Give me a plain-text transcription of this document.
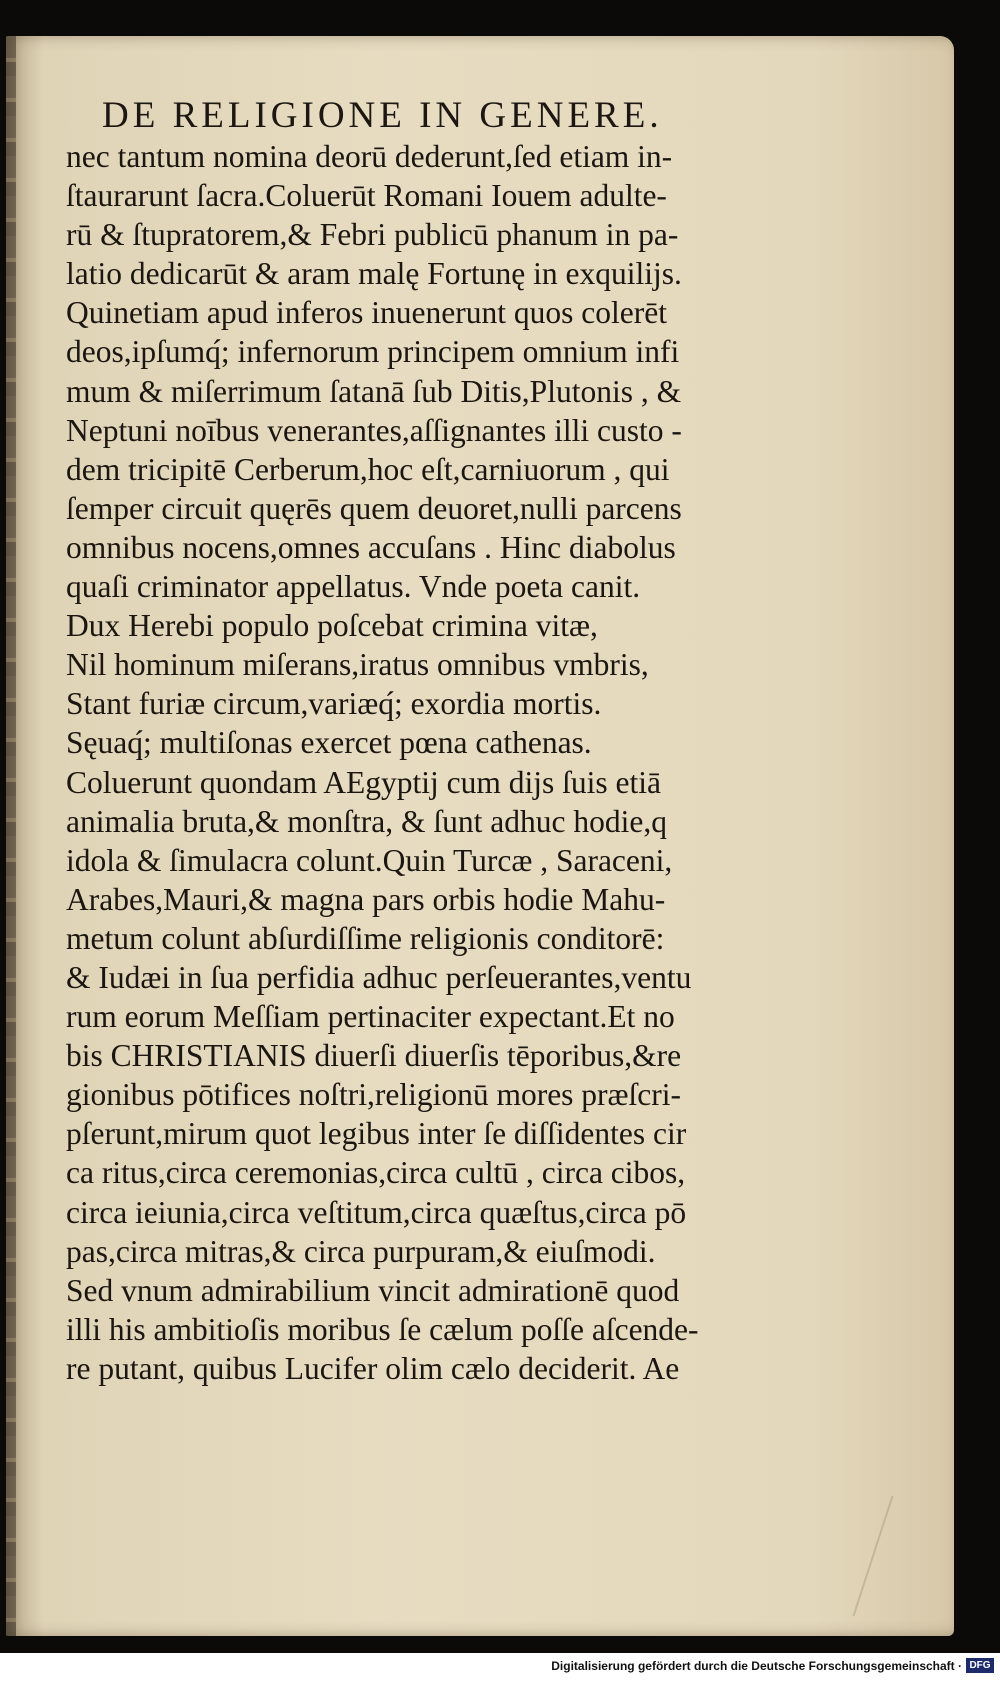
DE RELIGIONE IN GENERE.
nec tantum nomina deorū dederunt,ſed etiam in-
ſtaurarunt ſacra.Coluerūt Romani Iouem adulte-
rū & ſtupratorem,& Febri publicū phanum in pa-
latio dedicarūt & aram malę Fortunę in exquilijs.
Quinetiam apud inferos inuenerunt quos colerēt
deos,ipſumq́; infernorum principem omnium infi
mum & miſerrimum ſatanā ſub Ditis,Plutonis , &
Neptuni noībus venerantes,aſſignantes illi custo -
dem tricipitē Cerberum,hoc eſt,carniuorum , qui
ſemper circuit quęrēs quem deuoret,nulli parcens
omnibus nocens,omnes accuſans . Hinc diabolus
quaſi criminator appellatus. Vnde poeta canit.
Dux Herebi populo poſcebat crimina vitæ,
Nil hominum miſerans,iratus omnibus vmbris,
Stant furiæ circum,variæq́; exordia mortis.
Sęuaq́; multiſonas exercet pœna cathenas.
Coluerunt quondam AEgyptij cum dijs ſuis etiā
animalia bruta,& monſtra, & ſunt adhuc hodie,q
idola & ſimulacra colunt.Quin Turcæ , Saraceni,
Arabes,Mauri,& magna pars orbis hodie Mahu-
metum colunt abſurdiſſime religionis conditorē:
& Iudæi in ſua perfidia adhuc perſeuerantes,ventu
rum eorum Meſſiam pertinaciter expectant.Et no
bis CHRISTIANIS diuerſi diuerſis tēporibus,&re
gionibus pōtifices noſtri,religionū mores præſcri-
pſerunt,mirum quot legibus inter ſe diſſidentes cir
ca ritus,circa ceremonias,circa cultū , circa cibos,
circa ieiunia,circa veſtitum,circa quæſtus,circa pō
pas,circa mitras,& circa purpuram,& eiuſmodi.
Sed vnum admirabilium vincit admirationē quod
illi his ambitioſis moribus ſe cælum poſſe aſcende-
re putant, quibus Lucifer olim cælo deciderit. Ae
Digitalisierung gefördert durch die Deutsche Forschungsgemeinschaft · DFG
